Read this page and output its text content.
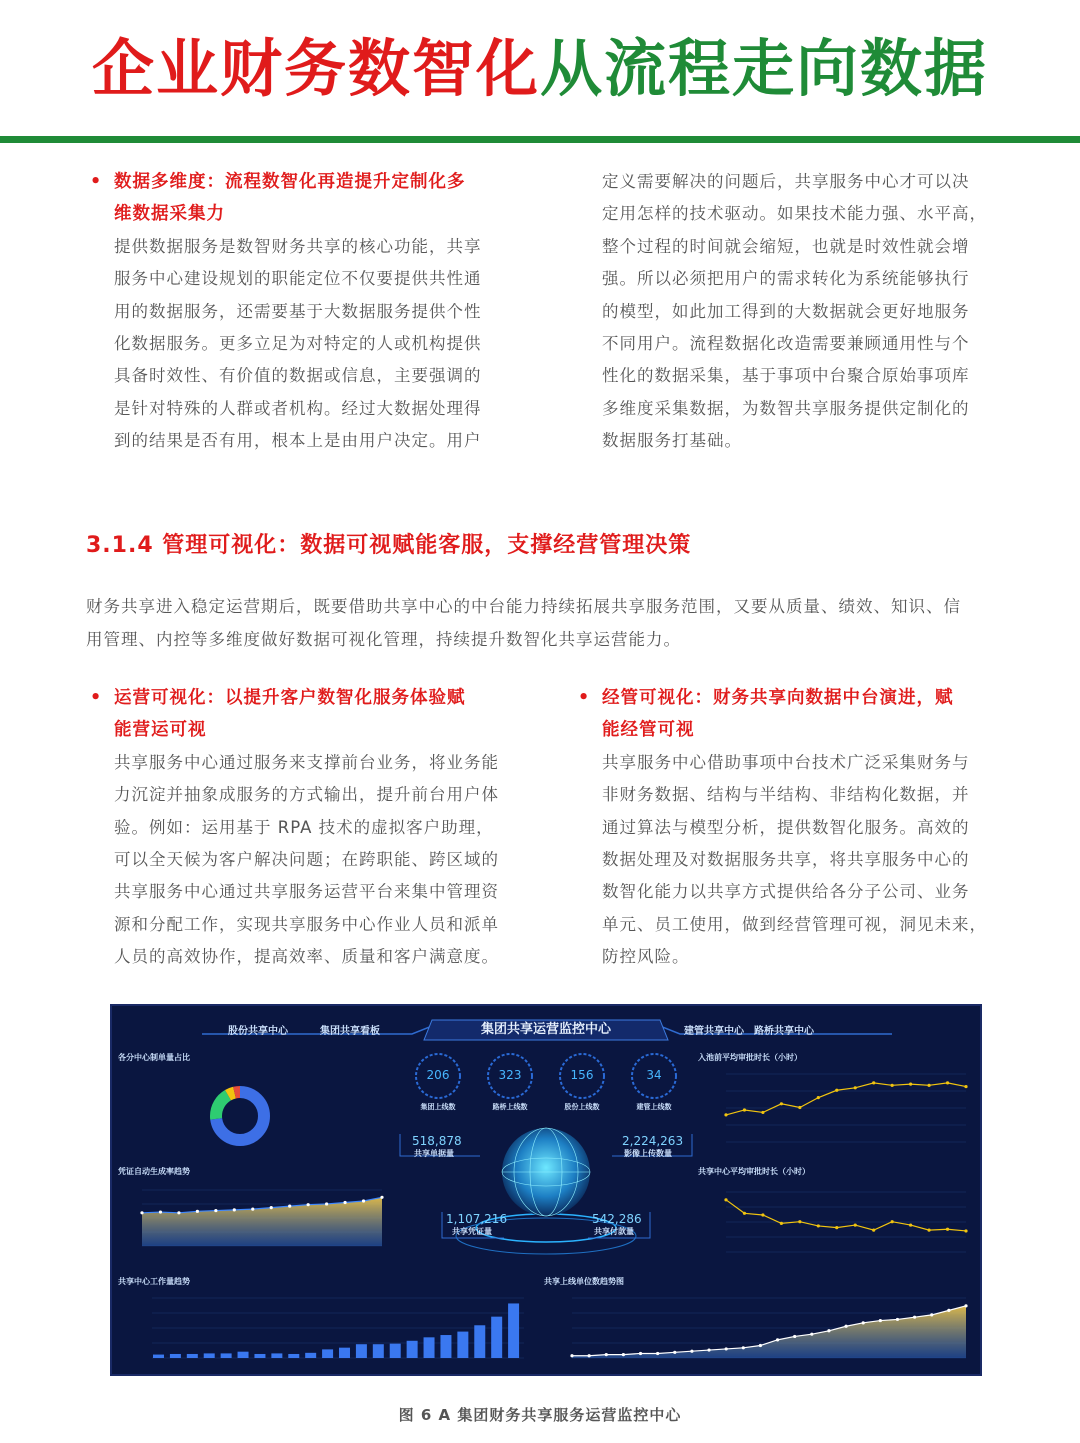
企业财务数智化从流程走向数据
• 数据多维度：流程数智化再造提升定制化多
维数据采集力
提供数据服务是数智财务共享的核心功能，共享
服务中心建设规划的职能定位不仅要提供共性通
用的数据服务，还需要基于大数据服务提供个性
化数据服务。更多立足为对特定的人或机构提供
具备时效性、有价值的数据或信息，主要强调的
是针对特殊的人群或者机构。经过大数据处理得
到的结果是否有用，根本上是由用户决定。用户
定义需要解决的问题后，共享服务中心才可以决
定用怎样的技术驱动。如果技术能力强、水平高，
整个过程的时间就会缩短，也就是时效性就会增
强。所以必须把用户的需求转化为系统能够执行
的模型，如此加工得到的大数据就会更好地服务
不同用户。流程数据化改造需要兼顾通用性与个
性化的数据采集，基于事项中台聚合原始事项库
多维度采集数据，为数智共享服务提供定制化的
数据服务打基础。
3.1.4 管理可视化：数据可视赋能客服，支撑经营管理决策
财务共享进入稳定运营期后，既要借助共享中心的中台能力持续拓展共享服务范围，又要从质量、绩效、知识、信
用管理、内控等多维度做好数据可视化管理，持续提升数智化共享运营能力。
• 运营可视化：以提升客户数智化服务体验赋
能营运可视
共享服务中心通过服务来支撑前台业务，将业务能
力沉淀并抽象成服务的方式输出，提升前台用户体
验。例如：运用基于 RPA 技术的虚拟客户助理，
可以全天候为客户解决问题；在跨职能、跨区域的
共享服务中心通过共享服务运营平台来集中管理资
源和分配工作，实现共享服务中心作业人员和派单
人员的高效协作，提高效率、质量和客户满意度。
• 经管可视化：财务共享向数据中台演进，赋
能经管可视
共享服务中心借助事项中台技术广泛采集财务与
非财务数据、结构与半结构、非结构化数据，并
通过算法与模型分析，提供数智化服务。高效的
数据处理及对数据服务共享，将共享服务中心的
数智化能力以共享方式提供给各分子公司、业务
单元、员工使用，做到经营管理可视，洞见未来，
防控风险。
集团共享运营监控中心
股份共享中心	集团共享看板	建管共享中心 路桥共享中心
各分中心制单量占比
凭证自动生成率趋势
共享中心工作量趋势
入池前平均审批时长（小时）
共享中心平均审批时长（小时）
共享上线单位数趋势图
206	323	156	34
集团上线数	路桥上线数	股份上线数	建管上线数
518,878
共享单据量
2,224,263
影像上传数量
1,107,216
共享凭证量
542,286
共享付款量
图 6 A 集团财务共享服务运营监控中心
